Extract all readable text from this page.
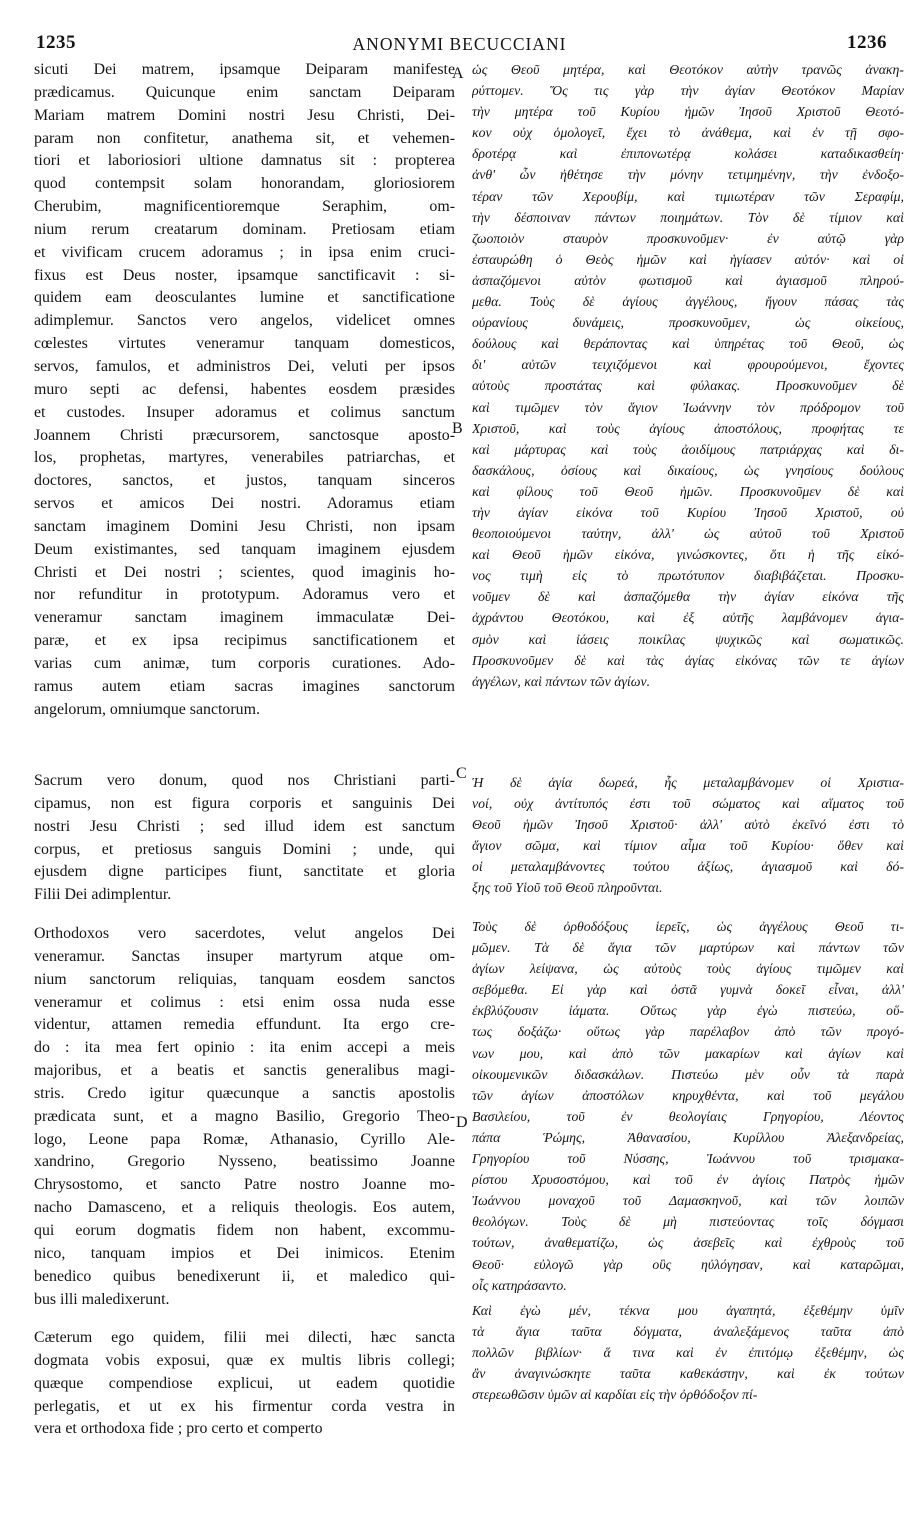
1235	ANONYMI BECUCCIANI	1236
A
B
C
D
sicuti Dei matrem, ipsamque Deiparam manifeste
prædicamus. Quicunque enim sanctam Deiparam
Mariam matrem Domini nostri Jesu Christi, Dei-
param non confitetur, anathema sit, et vehemen-
tiori et laboriosiori ultione damnatus sit : propterea
quod contempsit solam honorandam, gloriosiorem
Cherubim, magnificentioremque Seraphim, om-
nium rerum creatarum dominam. Pretiosam etiam
et vivificam crucem adoramus ; in ipsa enim cruci-
fixus est Deus noster, ipsamque sanctificavit : si-
quidem eam deosculantes lumine et sanctificatione
adimplemur. Sanctos vero angelos, videlicet omnes
cœlestes virtutes veneramur tanquam domesticos,
servos, famulos, et administros Dei, veluti per ipsos
muro septi ac defensi, habentes eosdem præsides
et custodes. Insuper adoramus et colimus sanctum
Joannem Christi præcursorem, sanctosque aposto-
los, prophetas, martyres, venerabiles patriarchas, et
doctores, sanctos, et justos, tanquam sinceros
servos et amicos Dei nostri. Adoramus etiam
sanctam imaginem Domini Jesu Christi, non ipsam
Deum existimantes, sed tanquam imaginem ejusdem
Christi et Dei nostri ; scientes, quod imaginis ho-
nor refunditur in prototypum. Adoramus vero et
veneramur sanctam imaginem immaculatæ Dei-
paræ, et ex ipsa recipimus sanctificationem et
varias cum animæ, tum corporis curationes. Ado-
ramus autem etiam sacras imagines sanctorum
angelorum, omniumque sanctorum.
Sacrum vero donum, quod nos Christiani parti-
cipamus, non est figura corporis et sanguinis Dei
nostri Jesu Christi ; sed illud idem est sanctum
corpus, et pretiosus sanguis Domini ; unde, qui
ejusdem digne participes fiunt, sanctitate et gloria
Filii Dei adimplentur.
Orthodoxos vero sacerdotes, velut angelos Dei
veneramur. Sanctas insuper martyrum atque om-
nium sanctorum reliquias, tanquam eosdem sanctos
veneramur et colimus : etsi enim ossa nuda esse
videntur, attamen remedia effundunt. Ita ergo cre-
do : ita mea fert opinio : ita enim accepi a meis
majoribus, et a beatis et sanctis generalibus magi-
stris. Credo igitur quæcunque a sanctis apostolis
prædicata sunt, et a magno Basilio, Gregorio Theo-
logo, Leone papa Romæ, Athanasio, Cyrillo Ale-
xandrino, Gregorio Nysseno, beatissimo Joanne
Chrysostomo, et sancto Patre nostro Joanne mo-
nacho Damasceno, et a reliquis theologis. Eos autem,
qui eorum dogmatis fidem non habent, excommu-
nico, tanquam impios et Dei inimicos. Etenim
benedico quibus benedixerunt ii, et maledico qui-
bus illi maledixerunt.
Cæterum ego quidem, filii mei dilecti, hæc sancta
dogmata vobis exposui, quæ ex multis libris collegi;
quæque compendiose explicui, ut eadem quotidie
perlegatis, et ut ex his firmentur corda vestra in
vera et orthodoxa fide ; pro certo et comperto
ὡς Θεοῦ μητέρα, καὶ Θεοτόκον αὐτὴν τρανῶς ἀνακη-
ρύττομεν. Ὅς τις γὰρ τὴν ἁγίαν Θεοτόκον Μαρίαν
τὴν μητέρα τοῦ Κυρίου ἡμῶν Ἰησοῦ Χριστοῦ Θεοτό-
κον οὐχ ὁμολογεῖ, ἔχει τὸ ἀνάθεμα, καὶ ἐν τῇ σφο-
δροτέρᾳ καὶ ἐπιπονωτέρᾳ κολάσει καταδικασθείη·
ἀνθ' ὧν ἠθέτησε τὴν μόνην τετιμημένην, τὴν ἐνδοξο-
τέραν τῶν Χερουβίμ, καὶ τιμιωτέραν τῶν Σεραφίμ,
τὴν δέσποιναν πάντων ποιημάτων. Τὸν δὲ τίμιον καὶ
ζωοποιὸν σταυρὸν προσκυνοῦμεν· ἐν αὐτῷ γὰρ
ἐσταυρώθη ὁ Θεὸς ἡμῶν καὶ ἡγίασεν αὐτόν· καὶ οἱ
ἀσπαζόμενοι αὐτὸν φωτισμοῦ καὶ ἁγιασμοῦ πληρού-
μεθα. Τοὺς δὲ ἁγίους ἀγγέλους, ἤγουν πάσας τὰς
οὐρανίους δυνάμεις, προσκυνοῦμεν, ὡς οἰκείους,
δούλους καὶ θεράποντας καὶ ὑπηρέτας τοῦ Θεοῦ, ὡς
δι' αὐτῶν τειχιζόμενοι καὶ φρουρούμενοι, ἔχοντες
αὐτοὺς προστάτας καὶ φύλακας. Προσκυνοῦμεν δὲ
καὶ τιμῶμεν τὸν ἅγιον Ἰωάννην τὸν πρόδρομον τοῦ
Χριστοῦ, καὶ τοὺς ἁγίους ἀποστόλους, προφήτας τε
καὶ μάρτυρας καὶ τοὺς ἀοιδίμους πατριάρχας καὶ δι-
δασκάλους, ὁσίους καὶ δικαίους, ὡς γνησίους δούλους
καὶ φίλους τοῦ Θεοῦ ἡμῶν. Προσκυνοῦμεν δὲ καὶ
τὴν ἁγίαν εἰκόνα τοῦ Κυρίου Ἰησοῦ Χριστοῦ, οὐ
θεοποιούμενοι ταύτην, ἀλλ' ὡς αὐτοῦ τοῦ Χριστοῦ
καὶ Θεοῦ ἡμῶν εἰκόνα, γινώσκοντες, ὅτι ἡ τῆς εἰκό-
νος τιμὴ εἰς τὸ πρωτότυπον διαβιβάζεται. Προσκυ-
νοῦμεν δὲ καὶ ἀσπαζόμεθα τὴν ἁγίαν εἰκόνα τῆς
ἀχράντου Θεοτόκου, καὶ ἐξ αὐτῆς λαμβάνομεν ἁγια-
σμὸν καὶ ἰάσεις ποικίλας ψυχικῶς καὶ σωματικῶς.
Προσκυνοῦμεν δὲ καὶ τὰς ἁγίας εἰκόνας τῶν τε ἁγίων
ἀγγέλων, καὶ πάντων τῶν ἁγίων.
Ἡ δὲ ἁγία δωρεά, ἧς μεταλαμβάνομεν οἱ Χριστια-
νοί, οὐχ ἀντίτυπός ἐστι τοῦ σώματος καὶ αἵματος τοῦ
Θεοῦ ἡμῶν Ἰησοῦ Χριστοῦ· ἀλλ' αὐτὸ ἐκεῖνό ἐστι τὸ
ἅγιον σῶμα, καὶ τίμιον αἷμα τοῦ Κυρίου· ὅθεν καὶ
οἱ μεταλαμβάνοντες τούτου ἀξίως, ἁγιασμοῦ καὶ δό-
ξης τοῦ Υἱοῦ τοῦ Θεοῦ πληροῦνται.
Τοὺς δὲ ὀρθοδόξους ἱερεῖς, ὡς ἀγγέλους Θεοῦ τι-
μῶμεν. Τὰ δὲ ἅγια τῶν μαρτύρων καὶ πάντων τῶν
ἁγίων λείψανα, ὡς αὐτοὺς τοὺς ἁγίους τιμῶμεν καὶ
σεβόμεθα. Εἰ γὰρ καὶ ὀστᾶ γυμνὰ δοκεῖ εἶναι, ἀλλ'
ἐκβλύζουσιν ἰάματα. Οὕτως γὰρ ἐγὼ πιστεύω, οὕ-
τως δοξάζω· οὕτως γὰρ παρέλαβον ἀπὸ τῶν προγό-
νων μου, καὶ ἀπὸ τῶν μακαρίων καὶ ἁγίων καὶ
οἰκουμενικῶν διδασκάλων. Πιστεύω μὲν οὖν τὰ παρὰ
τῶν ἁγίων ἀποστόλων κηρυχθέντα, καὶ τοῦ μεγάλου
Βασιλείου, τοῦ ἐν θεολογίαις Γρηγορίου, Λέοντος
πάπα Ῥώμης, Ἀθανασίου, Κυρίλλου Ἀλεξανδρείας,
Γρηγορίου τοῦ Νύσσης, Ἰωάννου τοῦ τρισμακα-
ρίστου Χρυσοστόμου, καὶ τοῦ ἐν ἁγίοις Πατρὸς ἡμῶν
Ἰωάννου μοναχοῦ τοῦ Δαμασκηνοῦ, καὶ τῶν λοιπῶν
θεολόγων. Τοὺς δὲ μὴ πιστεύοντας τοῖς δόγμασι
τούτων, ἀναθεματίζω, ὡς ἀσεβεῖς καὶ ἐχθροὺς τοῦ
Θεοῦ· εὐλογῶ γὰρ οὓς ηὐλόγησαν, καὶ καταρῶμαι,
οἷς κατηράσαντο.
Καὶ ἐγὼ μέν, τέκνα μου ἀγαπητά, ἐξεθέμην ὑμῖν
τὰ ἅγια ταῦτα δόγματα, ἀναλεξάμενος ταῦτα ἀπὸ
πολλῶν βιβλίων· ἅ τινα καὶ ἐν ἐπιτόμῳ ἐξεθέμην, ὡς
ἂν ἀναγινώσκητε ταῦτα καθεκάστην, καὶ ἐκ τούτων
στερεωθῶσιν ὑμῶν αἱ καρδίαι εἰς τὴν ὀρθόδοξον πί-
